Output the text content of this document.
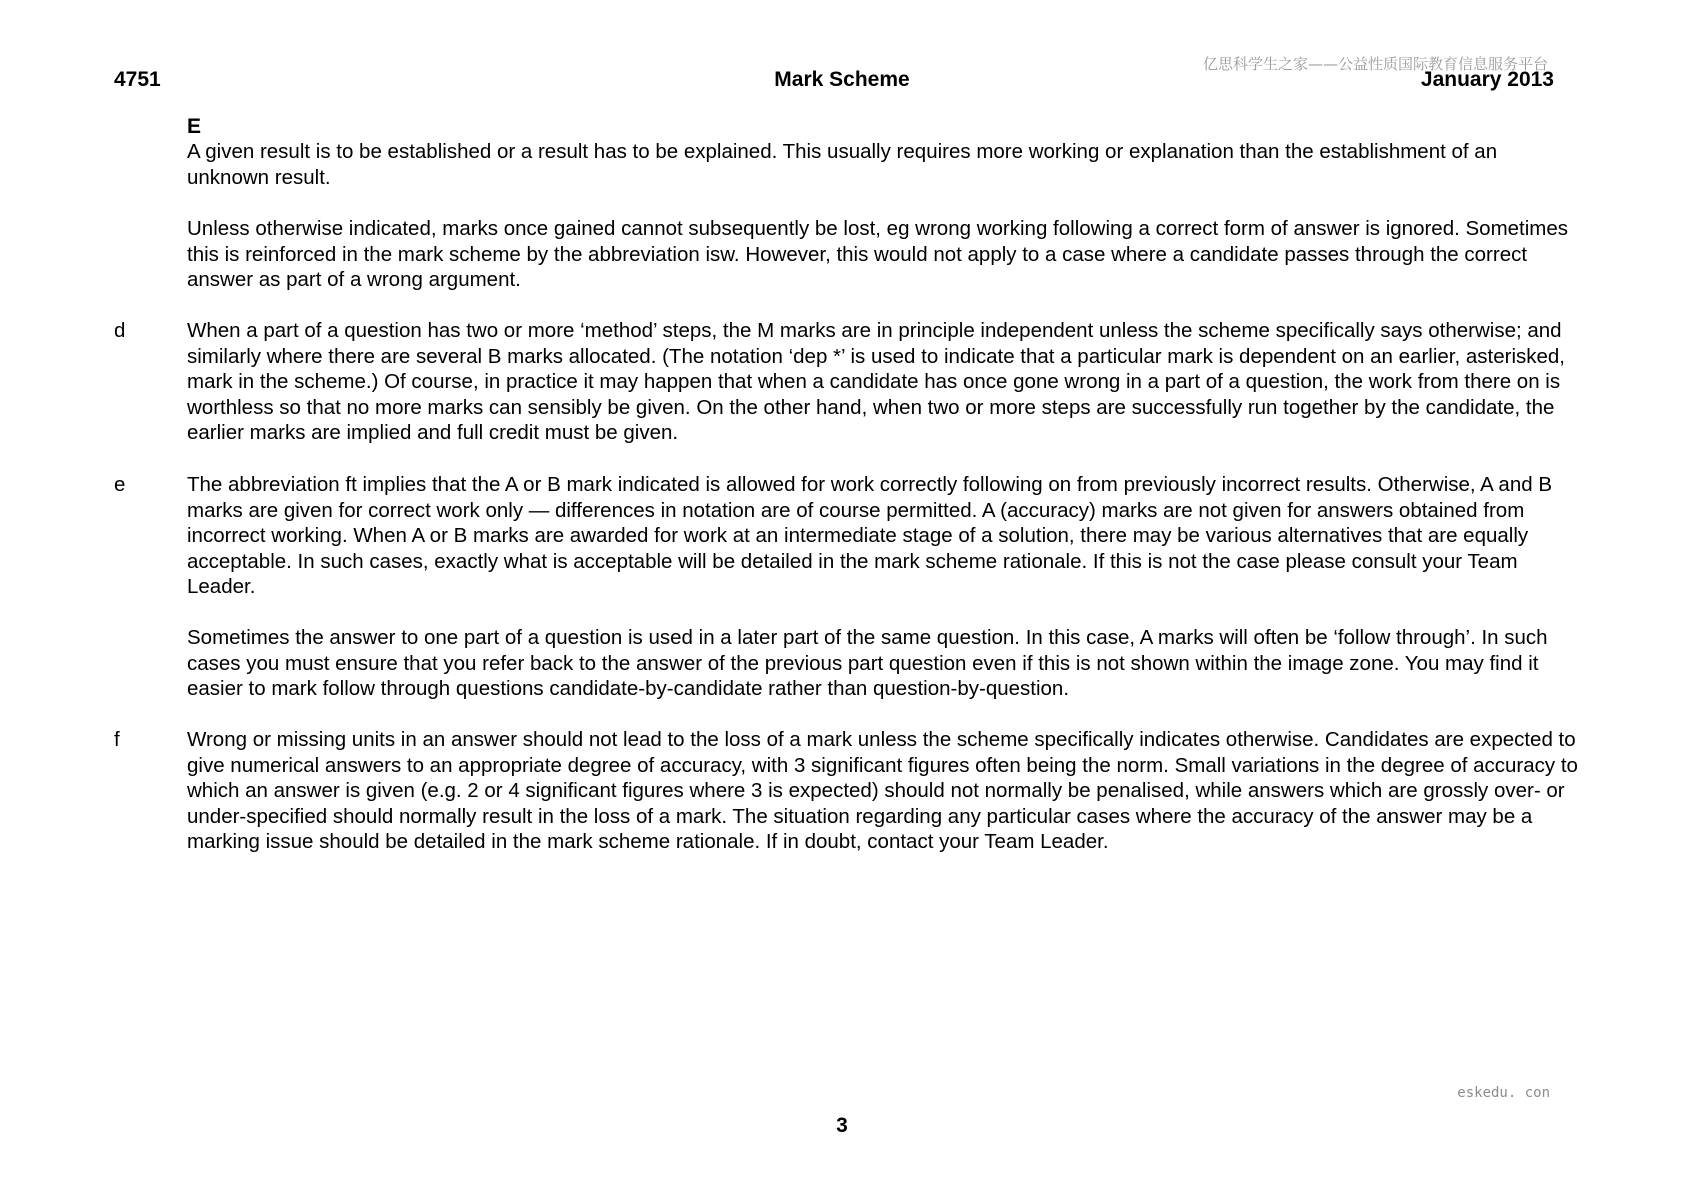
4751	Mark Scheme	January 2013
亿思科学生之家——公益性质国际教育信息服务平台
E
A given result is to be established or a result has to be explained. This usually requires more working or explanation than the establishment of an unknown result.
Unless otherwise indicated, marks once gained cannot subsequently be lost, eg wrong working following a correct form of answer is ignored. Sometimes this is reinforced in the mark scheme by the abbreviation isw. However, this would not apply to a case where a candidate passes through the correct answer as part of a wrong argument.
d	When a part of a question has two or more ‘method’ steps, the M marks are in principle independent unless the scheme specifically says otherwise; and similarly where there are several B marks allocated. (The notation ‘dep *’ is used to indicate that a particular mark is dependent on an earlier, asterisked, mark in the scheme.) Of course, in practice it may happen that when a candidate has once gone wrong in a part of a question, the work from there on is worthless so that no more marks can sensibly be given. On the other hand, when two or more steps are successfully run together by the candidate, the earlier marks are implied and full credit must be given.
e	The abbreviation ft implies that the A or B mark indicated is allowed for work correctly following on from previously incorrect results. Otherwise, A and B marks are given for correct work only — differences in notation are of course permitted. A (accuracy) marks are not given for answers obtained from incorrect working. When A or B marks are awarded for work at an intermediate stage of a solution, there may be various alternatives that are equally acceptable. In such cases, exactly what is acceptable will be detailed in the mark scheme rationale. If this is not the case please consult your Team Leader.
Sometimes the answer to one part of a question is used in a later part of the same question. In this case, A marks will often be ‘follow through’. In such cases you must ensure that you refer back to the answer of the previous part question even if this is not shown within the image zone. You may find it easier to mark follow through questions candidate-by-candidate rather than question-by-question.
f	Wrong or missing units in an answer should not lead to the loss of a mark unless the scheme specifically indicates otherwise. Candidates are expected to give numerical answers to an appropriate degree of accuracy, with 3 significant figures often being the norm. Small variations in the degree of accuracy to which an answer is given (e.g. 2 or 4 significant figures where 3 is expected) should not normally be penalised, while answers which are grossly over- or under-specified should normally result in the loss of a mark. The situation regarding any particular cases where the accuracy of the answer may be a marking issue should be detailed in the mark scheme rationale. If in doubt, contact your Team Leader.
eskedu. con
3
